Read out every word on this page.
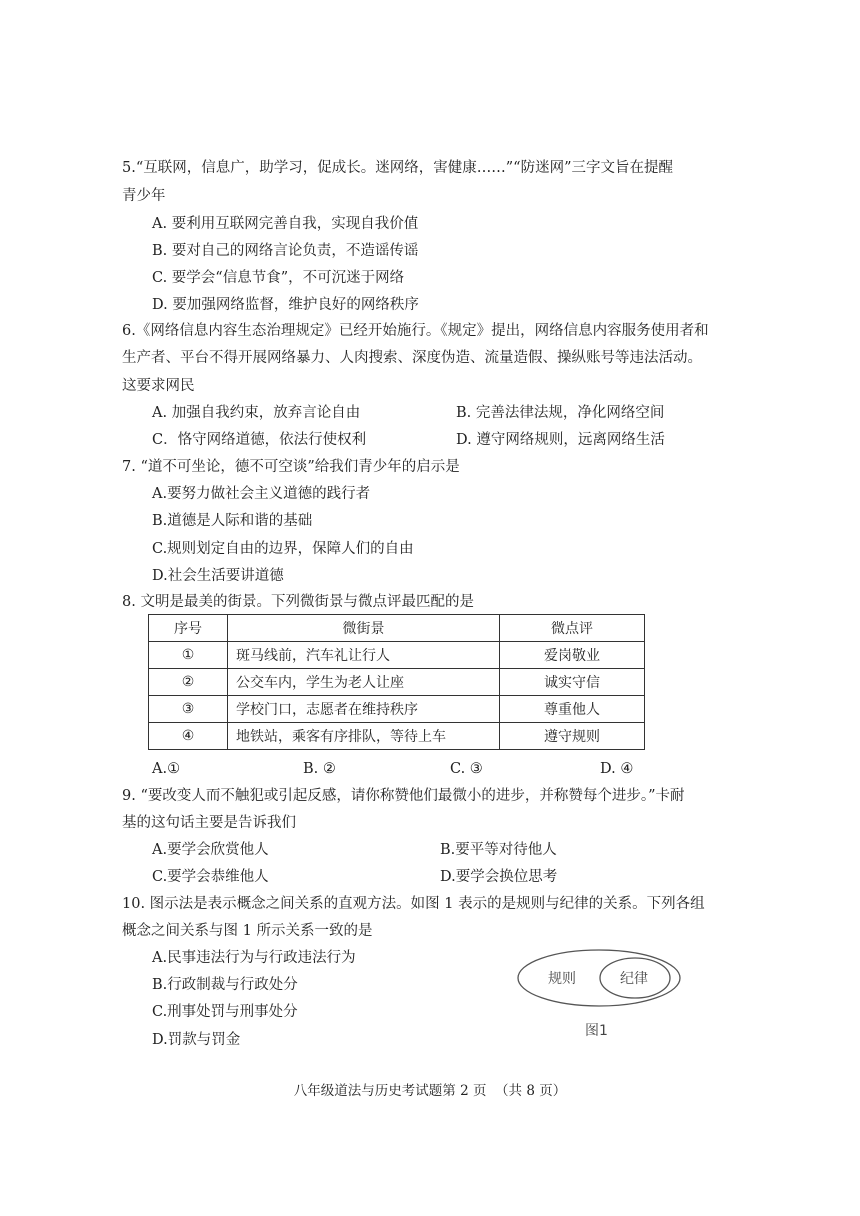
5.“互联网，信息广，助学习，促成长。迷网络，害健康……”“防迷网”三字文旨在提醒
青少年
A. 要利用互联网完善自我，实现自我价值
B. 要对自己的网络言论负责，不造谣传谣
C. 要学会“信息节食”，不可沉迷于网络
D. 要加强网络监督，维护良好的网络秩序
6.《网络信息内容生态治理规定》已经开始施行。《规定》提出，网络信息内容服务使用者和
生产者、平台不得开展网络暴力、人肉搜索、深度伪造、流量造假、操纵账号等违法活动。
这要求网民
A. 加强自我约束，放弃言论自由	B. 完善法律法规，净化网络空间
C．恪守网络道德，依法行使权利	D. 遵守网络规则，远离网络生活
7. “道不可坐论，德不可空谈”给我们青少年的启示是
A.要努力做社会主义道德的践行者
B.道德是人际和谐的基础
C.规则划定自由的边界，保障人们的自由
D.社会生活要讲道德
8. 文明是最美的街景。下列微街景与微点评最匹配的是
序号	微街景	微点评
①	斑马线前，汽车礼让行人	爱岗敬业
②	公交车内，学生为老人让座	诚实守信
③	学校门口，志愿者在维持秩序	尊重他人
④	地铁站，乘客有序排队，等待上车	遵守规则
A.①	B. ②	C. ③	D. ④
9. “要改变人而不触犯或引起反感，请你称赞他们最微小的进步，并称赞每个进步。”卡耐
基的这句话主要是告诉我们
A.要学会欣赏他人	B.要平等对待他人
C.要学会恭维他人	D.要学会换位思考
10. 图示法是表示概念之间关系的直观方法。如图 1 表示的是规则与纪律的关系。下列各组
概念之间关系与图 1 所示关系一致的是
A.民事违法行为与行政违法行为
B.行政制裁与行政处分
C.刑事处罚与刑事处分
D.罚款与罚金
规则	纪律
图1
八年级道法与历史考试题第 2 页  （共 8 页）
